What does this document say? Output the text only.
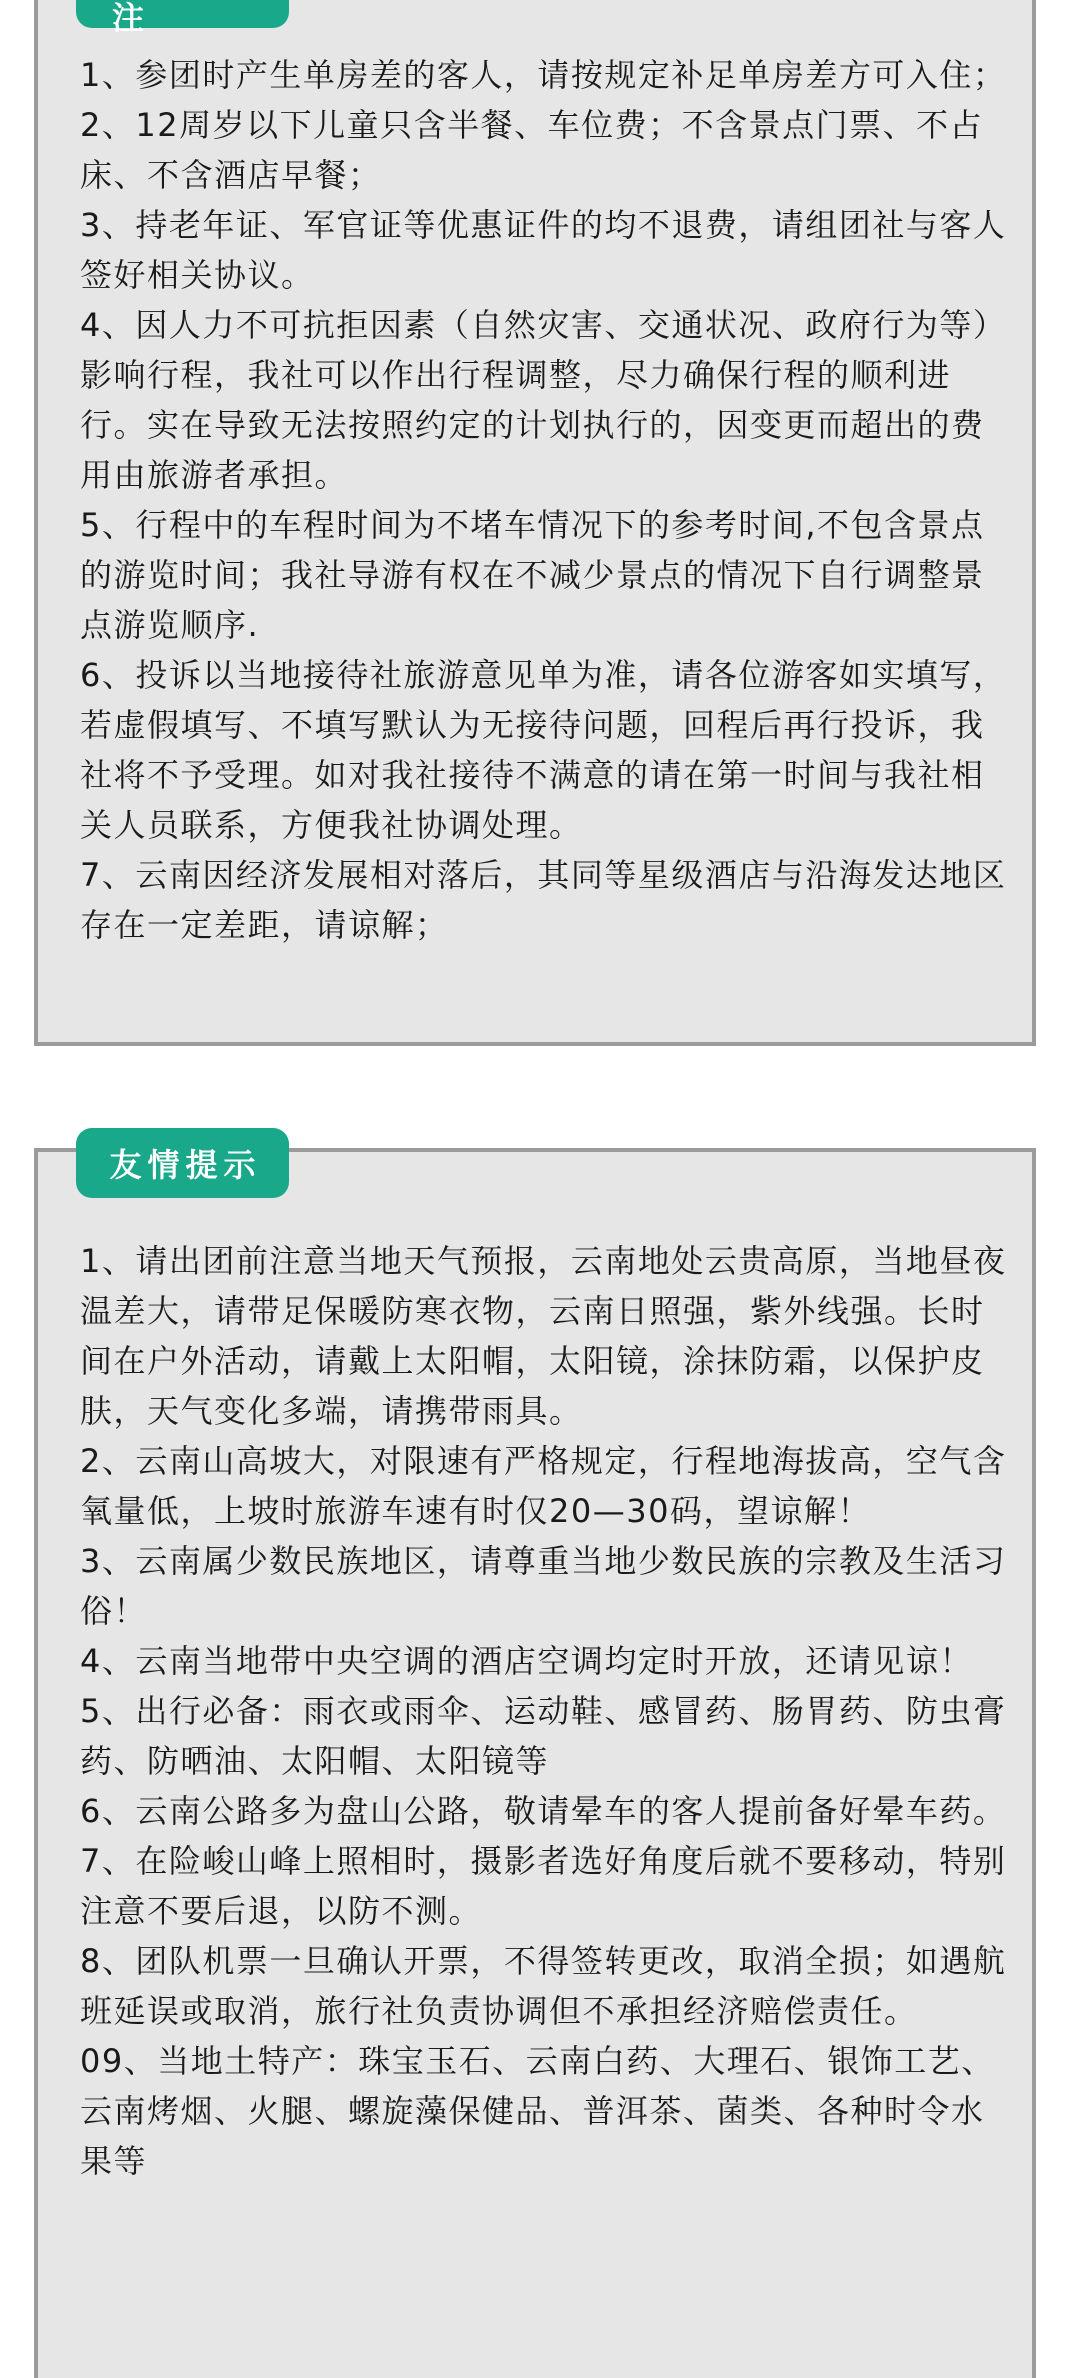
1、参团时产生单房差的客人，请按规定补足单房差方可入住；
2、12周岁以下儿童只含半餐、车位费；不含景点门票、不占床、不含酒店早餐；
3、持老年证、军官证等优惠证件的均不退费，请组团社与客人签好相关协议。
4、因人力不可抗拒因素（自然灾害、交通状况、政府行为等）影响行程，我社可以作出行程调整，尽力确保行程的顺利进行。实在导致无法按照约定的计划执行的，因变更而超出的费用由旅游者承担。
5、行程中的车程时间为不堵车情况下的参考时间,不包含景点的游览时间；我社导游有权在不减少景点的情况下自行调整景点游览顺序.
6、投诉以当地接待社旅游意见单为准，请各位游客如实填写，若虚假填写、不填写默认为无接待问题，回程后再行投诉，我社将不予受理。如对我社接待不满意的请在第一时间与我社相关人员联系，方便我社协调处理。
7、云南因经济发展相对落后，其同等星级酒店与沿海发达地区存在一定差距，请谅解；
注
1、请出团前注意当地天气预报，云南地处云贵高原，当地昼夜温差大，请带足保暖防寒衣物，云南日照强，紫外线强。长时间在户外活动，请戴上太阳帽，太阳镜，涂抹防霜，以保护皮肤，天气变化多端，请携带雨具。
2、云南山高坡大，对限速有严格规定，行程地海拔高，空气含氧量低，上坡时旅游车速有时仅20—30码，望谅解！
3、云南属少数民族地区，请尊重当地少数民族的宗教及生活习俗！
4、云南当地带中央空调的酒店空调均定时开放，还请见谅！
5、出行必备：雨衣或雨伞、运动鞋、感冒药、肠胃药、防虫膏药、防晒油、太阳帽、太阳镜等
6、云南公路多为盘山公路，敬请晕车的客人提前备好晕车药。
7、在险峻山峰上照相时，摄影者选好角度后就不要移动，特别注意不要后退，以防不测。
8、团队机票一旦确认开票，不得签转更改，取消全损；如遇航班延误或取消，旅行社负责协调但不承担经济赔偿责任。
09、当地土特产：珠宝玉石、云南白药、大理石、银饰工艺、云南烤烟、火腿、螺旋藻保健品、普洱茶、菌类、各种时令水果等
友情提示
